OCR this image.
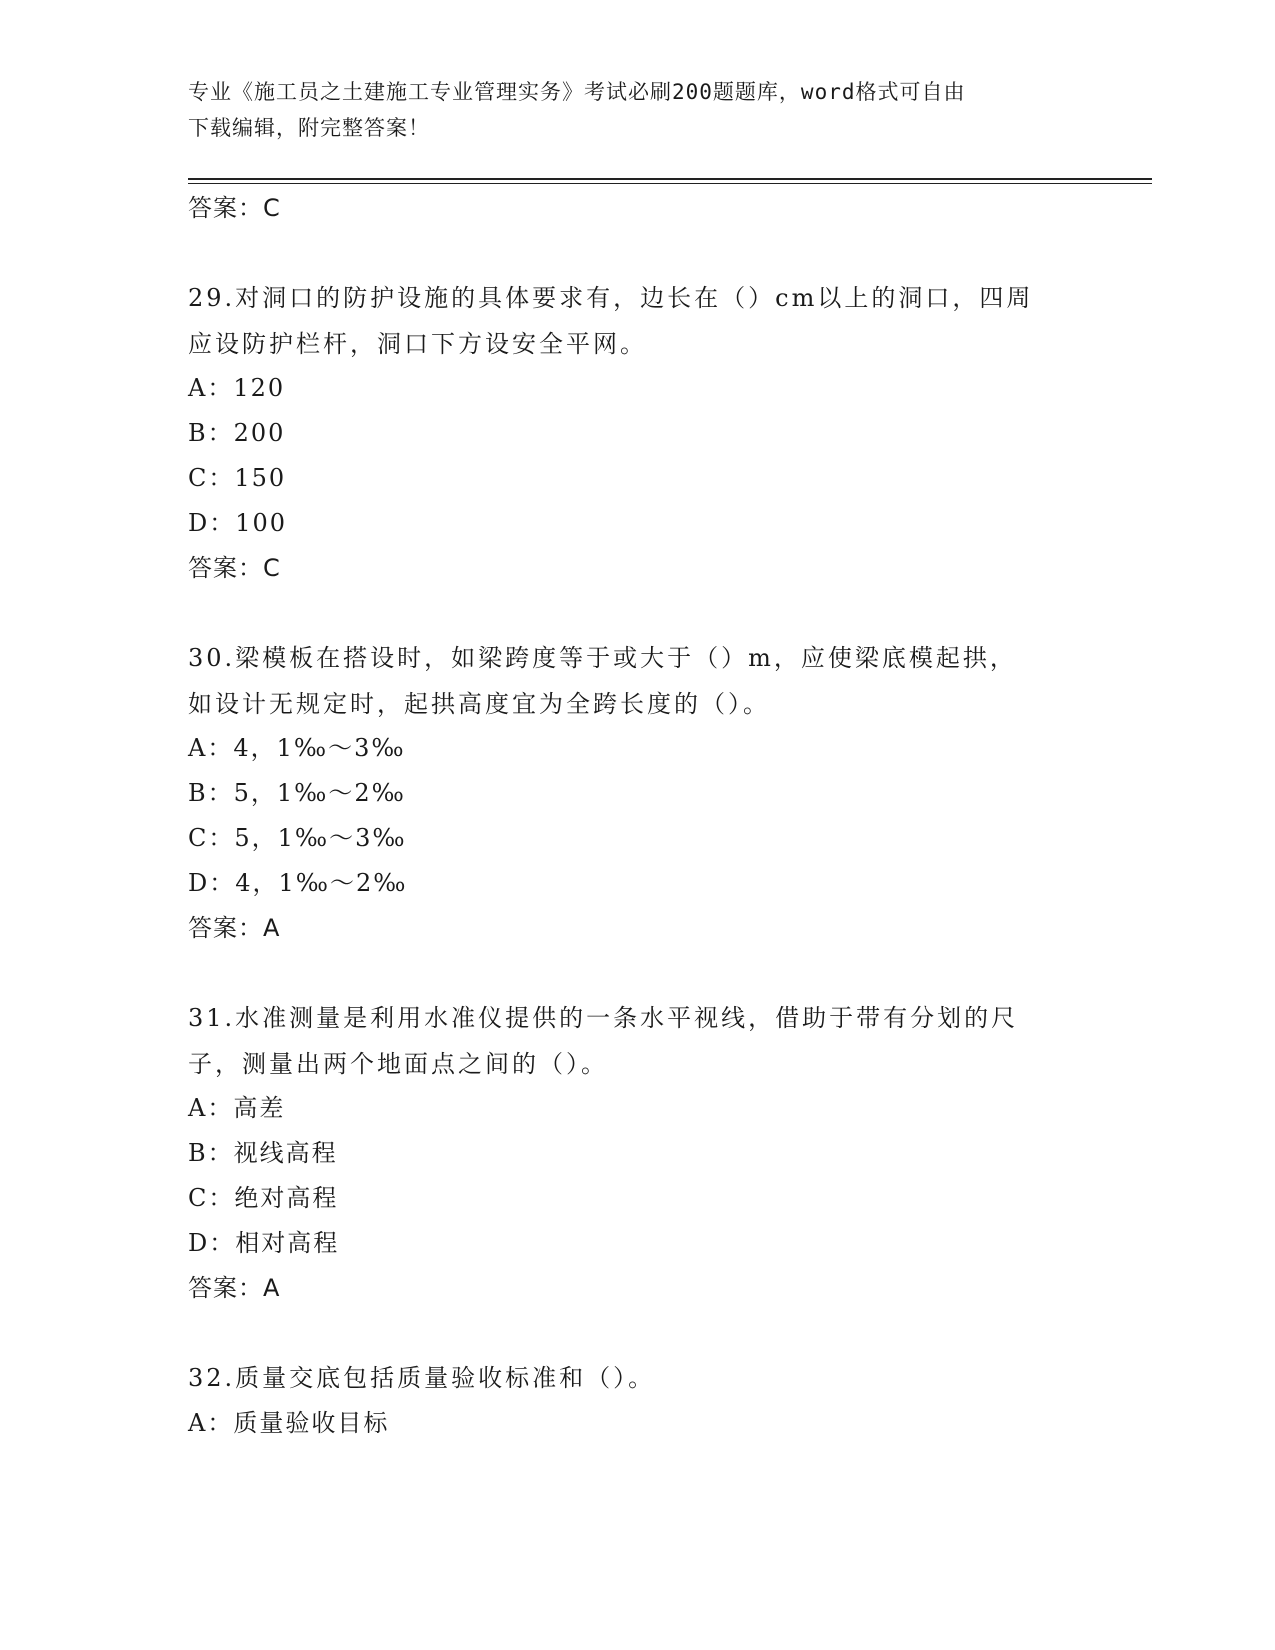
专业《施工员之土建施工专业管理实务》考试必刷200题题库，word格式可自由
下载编辑，附完整答案！
答案：C
29.对洞口的防护设施的具体要求有，边长在（）cm以上的洞口，四周
应设防护栏杆，洞口下方设安全平网。
A：120
B：200
C：150
D：100
答案：C
30.梁模板在搭设时，如梁跨度等于或大于（）m，应使梁底模起拱，
如设计无规定时，起拱高度宜为全跨长度的（）。
A：4，1‰～3‰
B：5，1‰～2‰
C：5，1‰～3‰
D：4，1‰～2‰
答案：A
31.水准测量是利用水准仪提供的一条水平视线，借助于带有分划的尺
子，测量出两个地面点之间的（）。
A：高差
B：视线高程
C：绝对高程
D：相对高程
答案：A
32.质量交底包括质量验收标准和（）。
A：质量验收目标
